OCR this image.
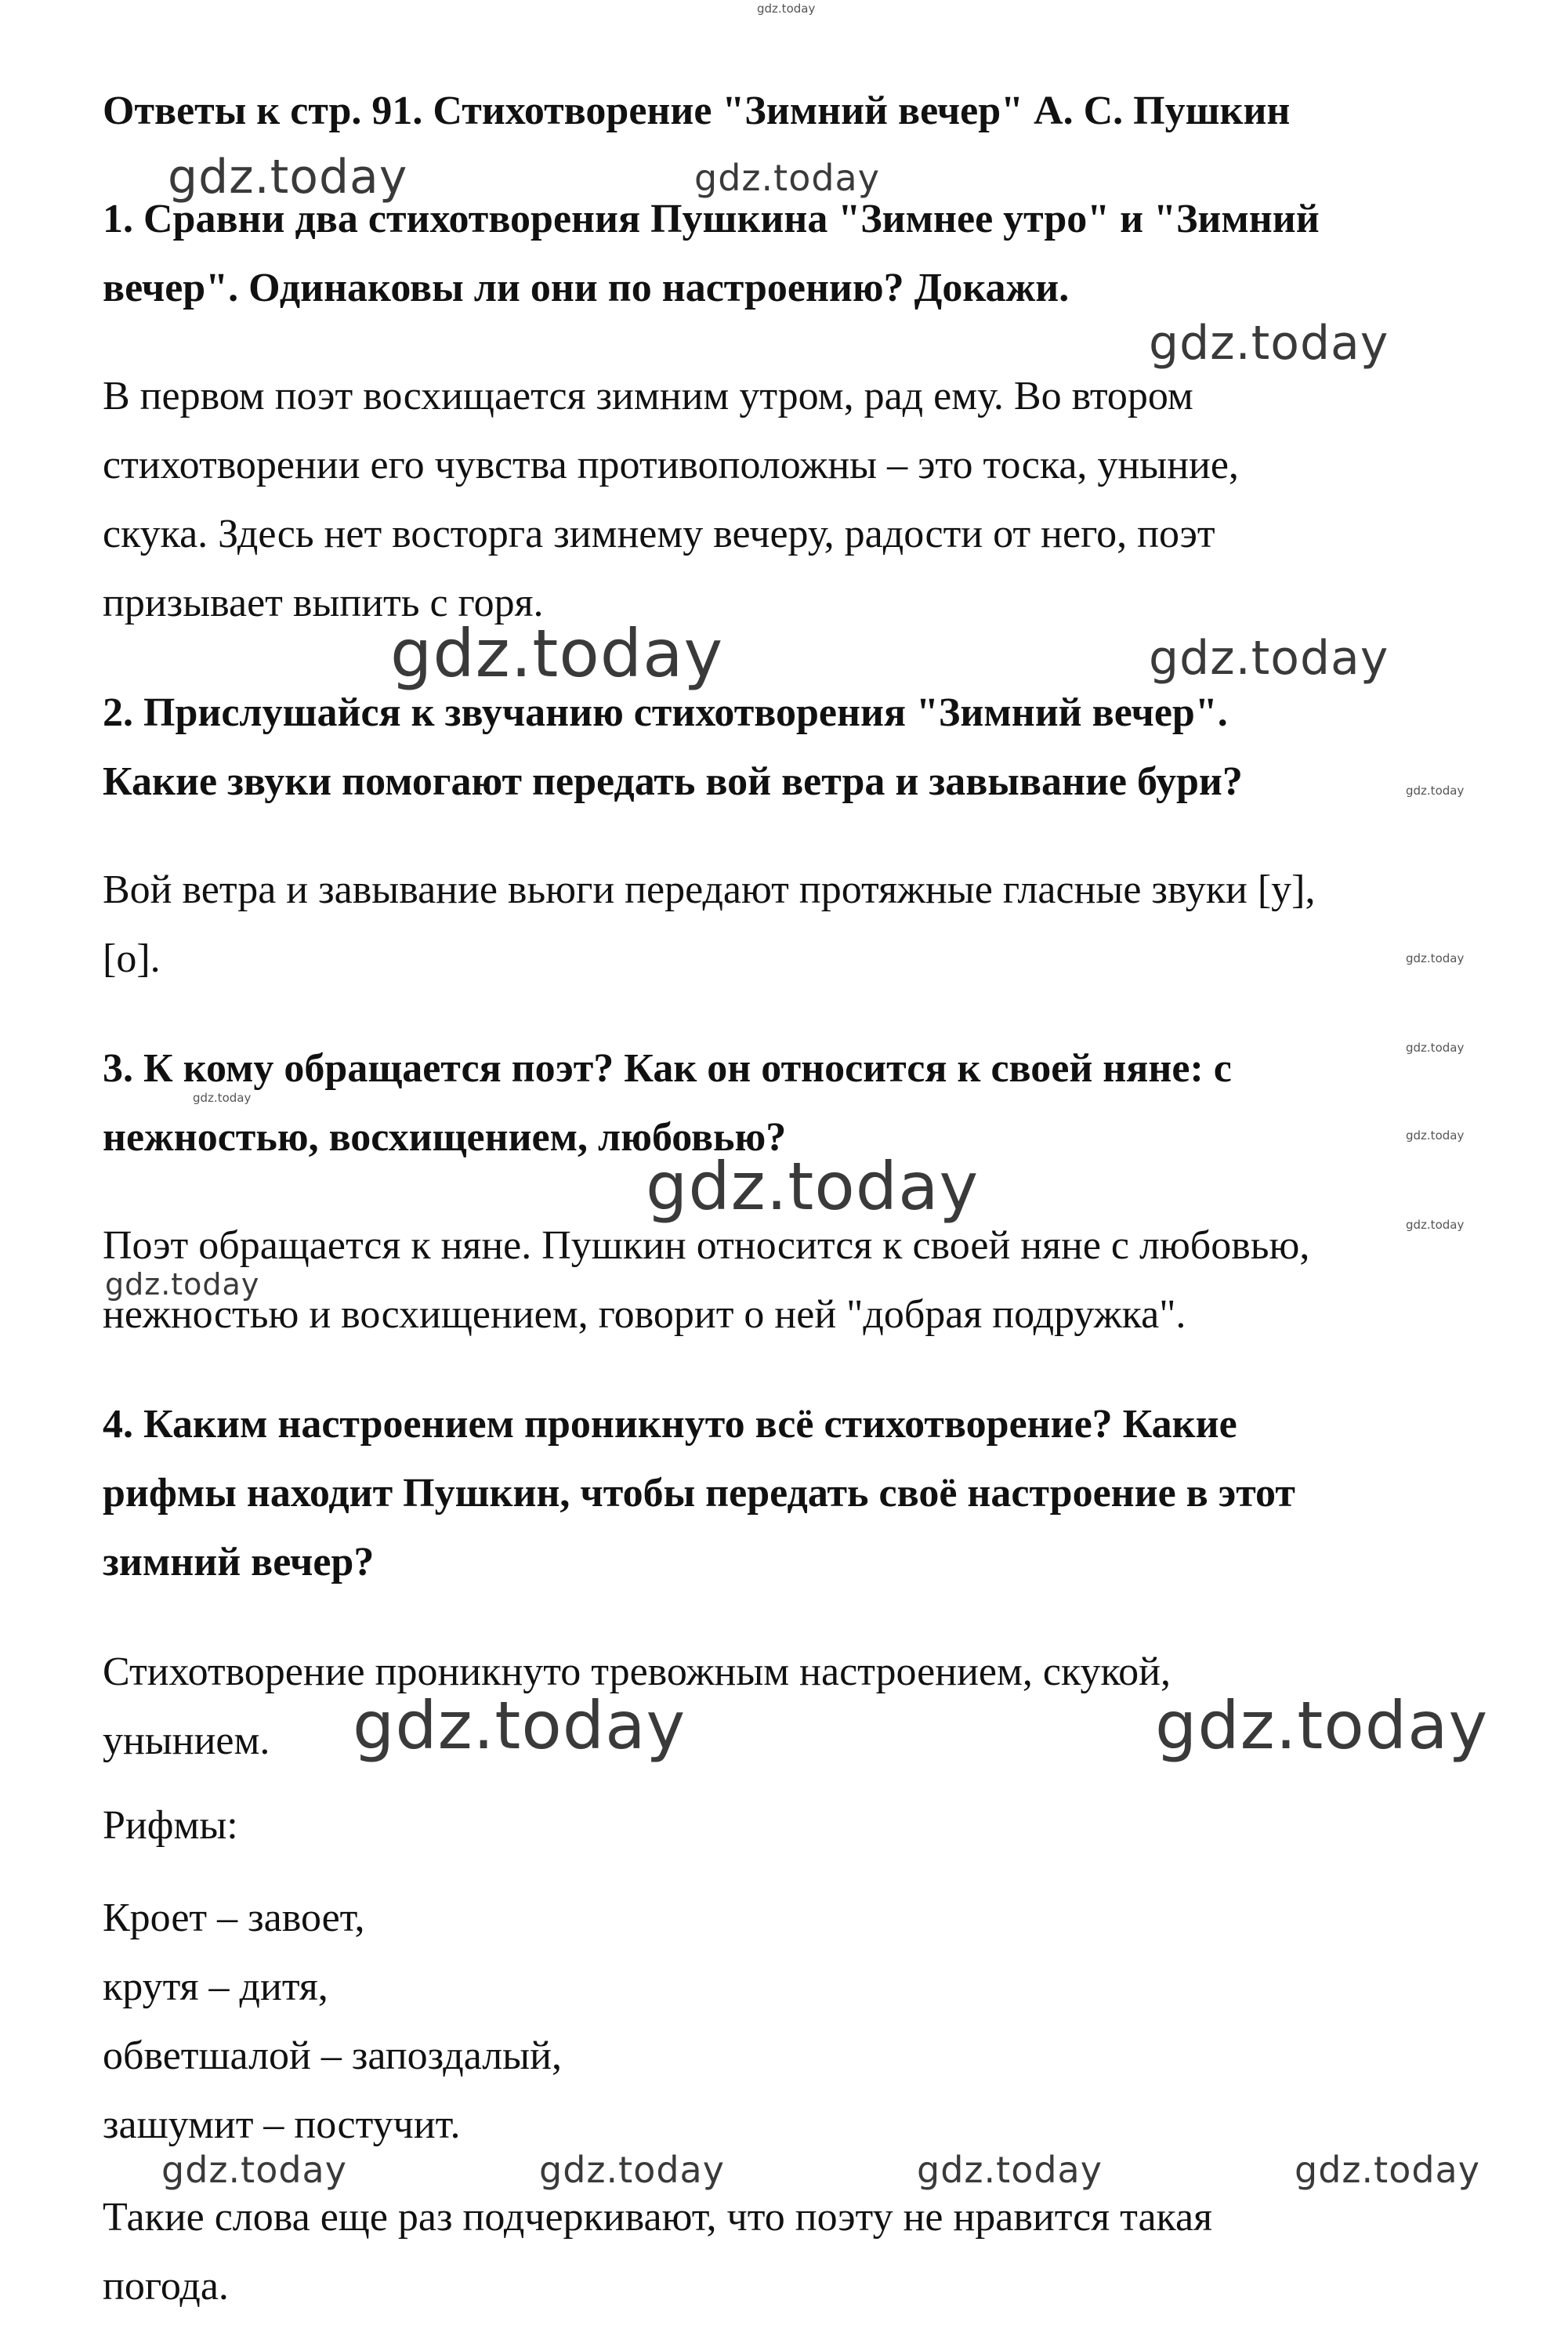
gdz.today
Ответы к стр. 91. Стихотворение "Зимний вечер" А. С. Пушкин
1. Сравни два стихотворения Пушкина "Зимнее утро" и "Зимний
вечер". Одинаковы ли они по настроению? Докажи.
В первом поэт восхищается зимним утром, рад ему. Во втором
стихотворении его чувства противоположны – это тоска, уныние,
скука. Здесь нет восторга зимнему вечеру, радости от него, поэт
призывает выпить с горя.
2. Прислушайся к звучанию стихотворения "Зимний вечер".
Какие звуки помогают передать вой ветра и завывание бури?
Вой ветра и завывание вьюги передают протяжные гласные звуки [у],
[о].
3. К кому обращается поэт? Как он относится к своей няне: с
нежностью, восхищением, любовью?
Поэт обращается к няне. Пушкин относится к своей няне с любовью,
нежностью и восхищением, говорит о ней "добрая подружка".
4. Каким настроением проникнуто всё стихотворение? Какие
рифмы находит Пушкин, чтобы передать своё настроение в этот
зимний вечер?
Стихотворение проникнуто тревожным настроением, скукой,
унынием.
Рифмы:
Кроет – завоет,
крутя – дитя,
обветшалой – запоздалый,
зашумит – постучит.
Такие слова еще раз подчеркивают, что поэту не нравится такая
погода.
gdz.today	gdz.today
gdz.today
gdz.today	gdz.today
gdz.today
gdz.today
gdz.today
gdz.today
gdz.today	gdz.today
gdz.today
gdz.today	gdz.today
gdz.today	gdz.today	gdz.today	gdz.today
gdz.today
